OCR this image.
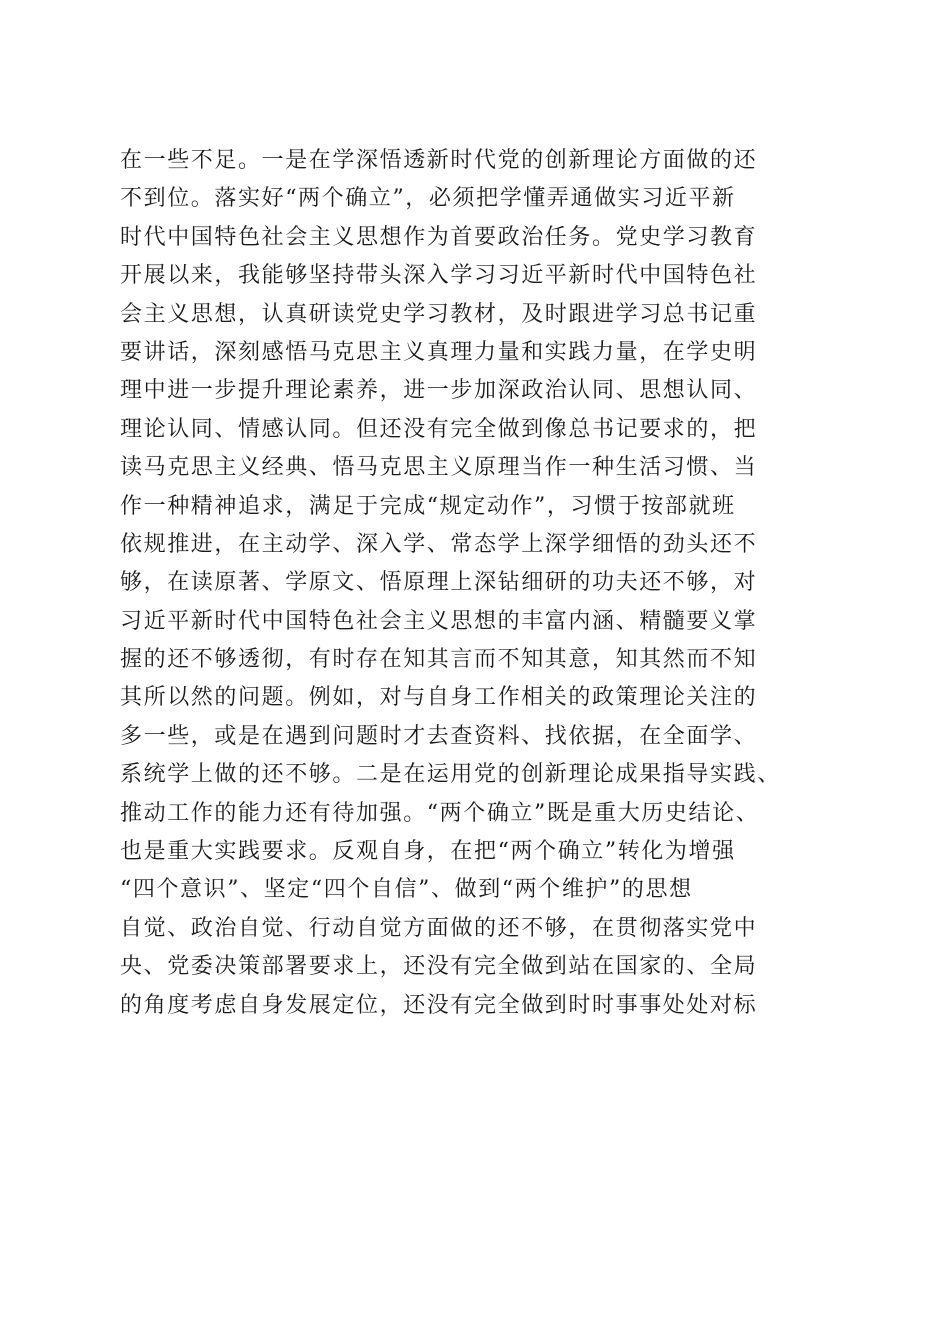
在一些不足。一是在学深悟透新时代党的创新理论方面做的还
不到位。落实好“两个确立”，必须把学懂弄通做实习近平新
时代中国特色社会主义思想作为首要政治任务。党史学习教育
开展以来，我能够坚持带头深入学习习近平新时代中国特色社
会主义思想，认真研读党史学习教材，及时跟进学习总书记重
要讲话，深刻感悟马克思主义真理力量和实践力量，在学史明
理中进一步提升理论素养，进一步加深政治认同、思想认同、
理论认同、情感认同。但还没有完全做到像总书记要求的，把
读马克思主义经典、悟马克思主义原理当作一种生活习惯、当
作一种精神追求，满足于完成“规定动作”，习惯于按部就班
依规推进，在主动学、深入学、常态学上深学细悟的劲头还不
够，在读原著、学原文、悟原理上深钻细研的功夫还不够，对
习近平新时代中国特色社会主义思想的丰富内涵、精髓要义掌
握的还不够透彻，有时存在知其言而不知其意，知其然而不知
其所以然的问题。例如，对与自身工作相关的政策理论关注的
多一些，或是在遇到问题时才去查资料、找依据，在全面学、
系统学上做的还不够。二是在运用党的创新理论成果指导实践、
推动工作的能力还有待加强。“两个确立”既是重大历史结论、
也是重大实践要求。反观自身，在把“两个确立”转化为增强
“四个意识”、坚定“四个自信”、做到“两个维护”的思想
自觉、政治自觉、行动自觉方面做的还不够，在贯彻落实党中
央、党委决策部署要求上，还没有完全做到站在国家的、全局
的角度考虑自身发展定位，还没有完全做到时时事事处处对标
